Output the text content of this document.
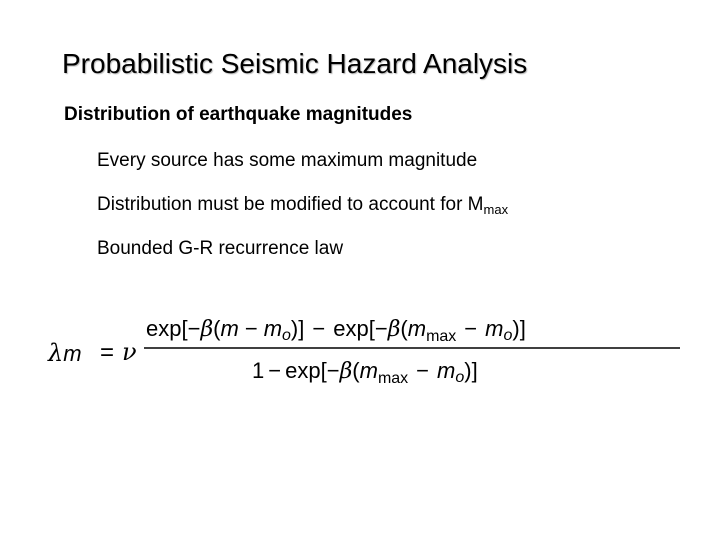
Probabilistic Seismic Hazard Analysis
Distribution of earthquake magnitudes
Every source has some maximum magnitude
Distribution must be modified to account for $M_{max}$
Bounded G-R recurrence law
λm = ν
$\exp[-\beta(m - mo)] - \exp[-\beta(m_{max} - mo)]$
$1 - \exp[-\beta(m_{max} - mo)]$
